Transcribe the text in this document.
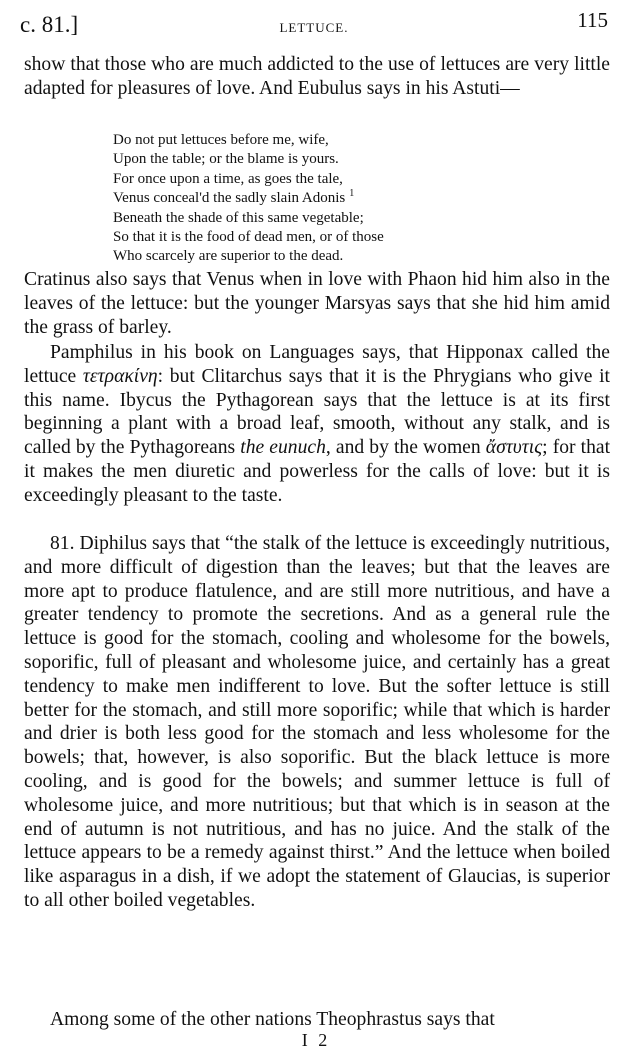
c. 81.]	LETTUCE.	115
show that those who are much addicted to the use of lettuces are very little adapted for pleasures of love. And Eubulus says in his Astuti—
Do not put lettuces before me, wife,
Upon the table; or the blame is yours.
For once upon a time, as goes the tale,
Venus conceal'd the sadly slain Adonis $^1$
Beneath the shade of this same vegetable;
So that it is the food of dead men, or of those
Who scarcely are superior to the dead.
Cratinus also says that Venus when in love with Phaon hid him also in the leaves of the lettuce: but the younger Marsyas says that she hid him amid the grass of barley.
Pamphilus in his book on Languages says, that Hipponax called the lettuce τετρακίνη: but Clitarchus says that it is the Phrygians who give it this name. Ibycus the Pythagorean says that the lettuce is at its first beginning a plant with a broad leaf, smooth, without any stalk, and is called by the Pythagoreans the eunuch, and by the women ἄστυτις; for that it makes the men diuretic and powerless for the calls of love: but it is exceedingly pleasant to the taste.
81. Diphilus says that “the stalk of the lettuce is exceedingly nutritious, and more difficult of digestion than the leaves; but that the leaves are more apt to produce flatulence, and are still more nutritious, and have a greater tendency to promote the secretions. And as a general rule the lettuce is good for the stomach, cooling and wholesome for the bowels, soporific, full of pleasant and wholesome juice, and certainly has a great tendency to make men indifferent to love. But the softer lettuce is still better for the stomach, and still more soporific; while that which is harder and drier is both less good for the stomach and less wholesome for the bowels; that, however, is also soporific. But the black lettuce is more cooling, and is good for the bowels; and summer lettuce is full of wholesome juice, and more nutritious; but that which is in season at the end of autumn is not nutritious, and has no juice. And the stalk of the lettuce appears to be a remedy against thirst.” And the lettuce when boiled like asparagus in a dish, if we adopt the statement of Glaucias, is superior to all other boiled vegetables.
Among some of the other nations Theophrastus says that
I 2
